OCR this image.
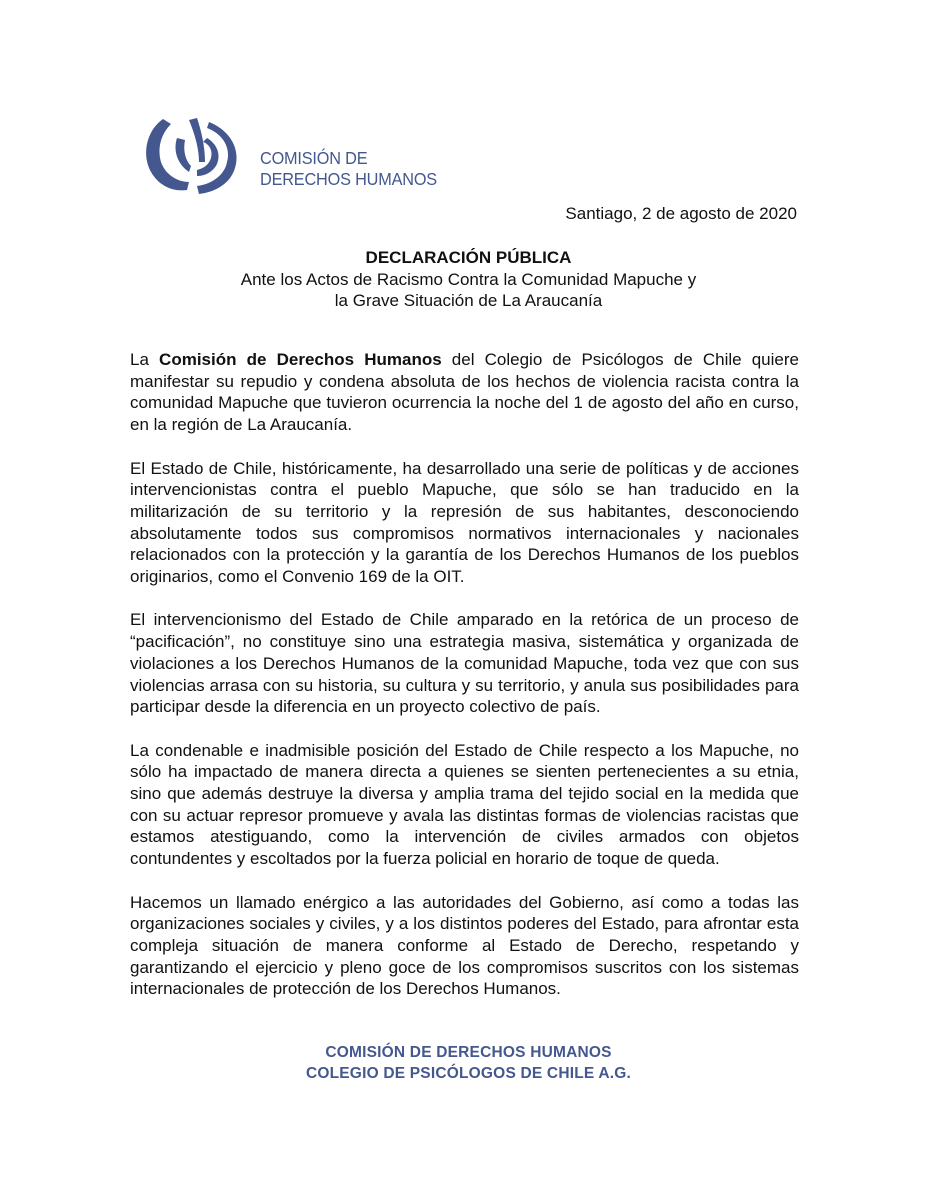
COMISIÓN DE
DERECHOS HUMANOS
Santiago, 2 de agosto de 2020
DECLARACIÓN PÚBLICA
Ante los Actos de Racismo Contra la Comunidad Mapuche y
la Grave Situación de La Araucanía

La Comisión de Derechos Humanos del Colegio de Psicólogos de Chile quiere manifestar su repudio y condena absoluta de los hechos de violencia racista contra la comunidad Mapuche que tuvieron ocurrencia la noche del 1 de agosto del año en curso, en la región de La Araucanía.

El Estado de Chile, históricamente, ha desarrollado una serie de políticas y de acciones intervencionistas contra el pueblo Mapuche, que sólo se han traducido en la militarización de su territorio y la represión de sus habitantes, desconociendo absolutamente todos sus compromisos normativos internacionales y nacionales relacionados con la protección y la garantía de los Derechos Humanos de los pueblos originarios, como el Convenio 169 de la OIT.

El intervencionismo del Estado de Chile amparado en la retórica de un proceso de “pacificación”, no constituye sino una estrategia masiva, sistemática y organizada de violaciones a los Derechos Humanos de la comunidad Mapuche, toda vez que con sus violencias arrasa con su historia, su cultura y su territorio, y anula sus posibilidades para participar desde la diferencia en un proyecto colectivo de país.

La condenable e inadmisible posición del Estado de Chile respecto a los Mapuche, no sólo ha impactado de manera directa a quienes se sienten pertenecientes a su etnia, sino que además destruye la diversa y amplia trama del tejido social en la medida que con su actuar represor promueve y avala las distintas formas de violencias racistas que estamos atestiguando, como la intervención de civiles armados con objetos contundentes y escoltados por la fuerza policial en horario de toque de queda.

Hacemos un llamado enérgico a las autoridades del Gobierno, así como a todas las organizaciones sociales y civiles, y a los distintos poderes del Estado, para afrontar esta compleja situación de manera conforme al Estado de Derecho, respetando y garantizando el ejercicio y pleno goce de los compromisos suscritos con los sistemas internacionales de protección de los Derechos Humanos.

COMISIÓN DE DERECHOS HUMANOS
COLEGIO DE PSICÓLOGOS DE CHILE A.G.
